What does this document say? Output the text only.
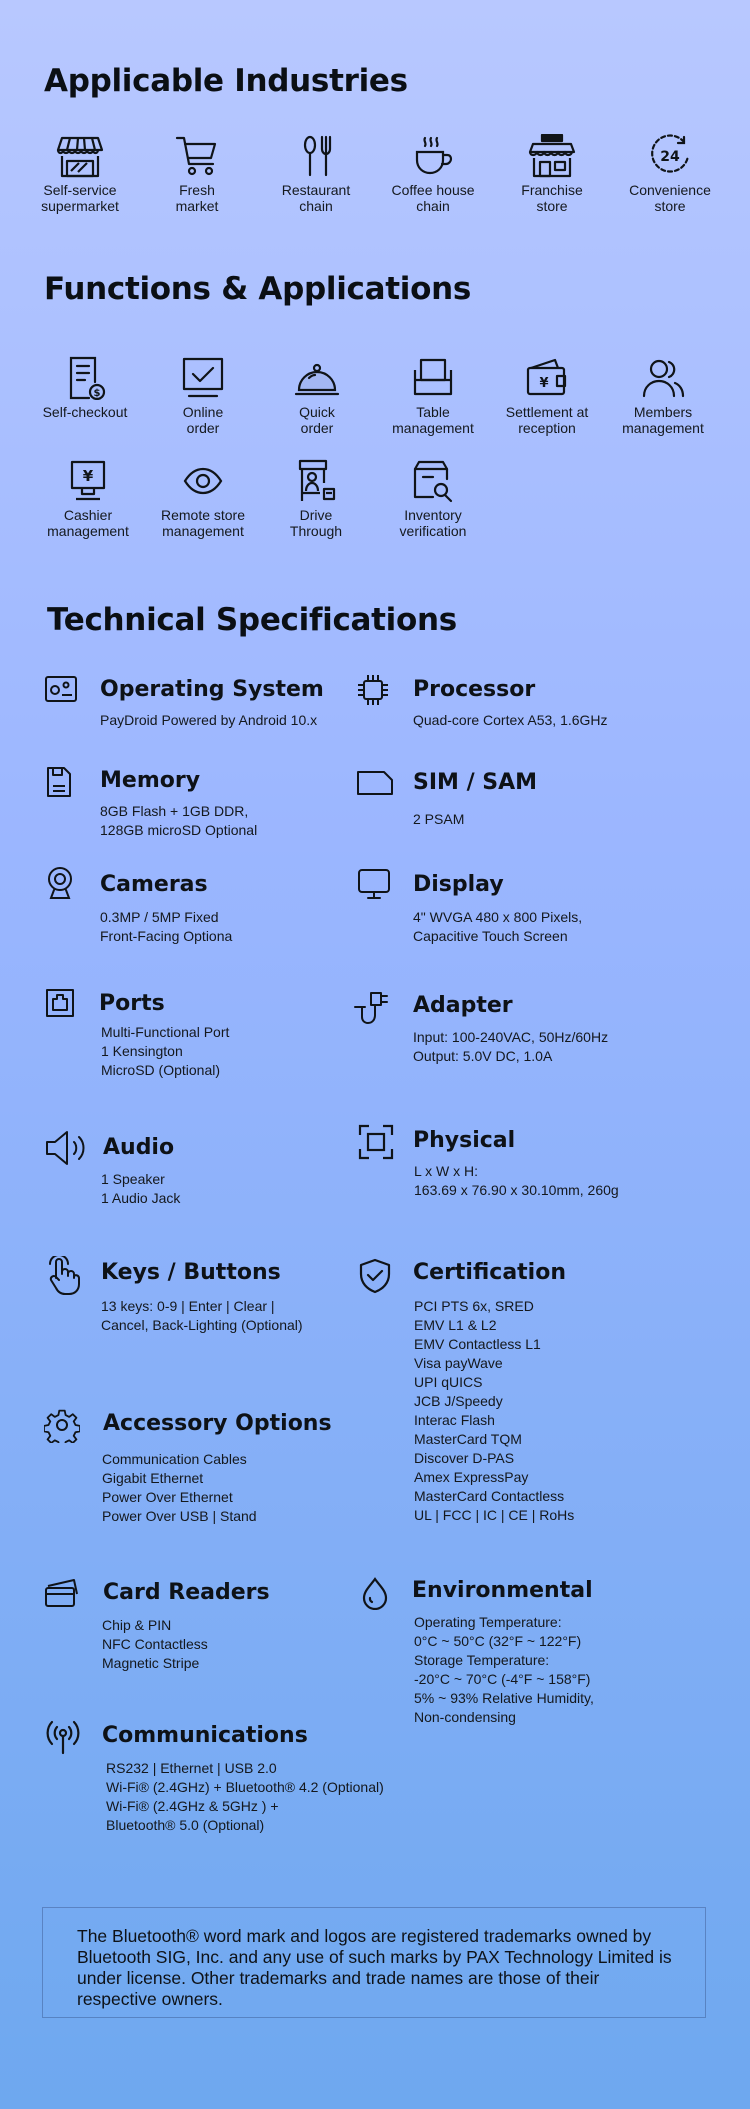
Applicable Industries
Self-service
supermarket
Fresh
market
Restaurant
chain
Coffee house
chain
Franchise
store
24
Convenience
store
Functions & Applications
$
Self-checkout	Online
order
Quick
order
Table
management
¥
Settlement at
reception
Members
management
¥
Cashier
management
Remote store
management
Drive
Through
Inventory
verification
Technical Specifications
Operating System
PayDroid Powered by Android 10.x
Processor
Quad-core Cortex A53, 1.6GHz
Memory
8GB Flash + 1GB DDR,
128GB microSD Optional
SIM / SAM
2 PSAM
Cameras
0.3MP / 5MP Fixed
Front-Facing Optiona
Display
4" WVGA 480 x 800 Pixels,
Capacitive Touch Screen
Ports
Multi-Functional Port
1 Kensington
MicroSD (Optional)
Adapter
Input: 100-240VAC, 50Hz/60Hz
Output: 5.0V DC, 1.0A
Audio
1 Speaker
1 Audio Jack
Physical
L x W x H:
163.69 x 76.90 x 30.10mm, 260g
Keys / Buttons
13 keys: 0-9 | Enter | Clear |
Cancel, Back-Lighting (Optional)
Certification
PCI PTS 6x, SRED
EMV L1 & L2
EMV Contactless L1
Visa payWave
UPI qUICS
JCB J/Speedy
Interac Flash
MasterCard TQM
Discover D-PAS
Amex ExpressPay
MasterCard Contactless
UL | FCC | IC | CE | RoHs
Accessory Options
Communication Cables
Gigabit Ethernet
Power Over Ethernet
Power Over USB | Stand
Card Readers
Chip & PIN
NFC Contactless
Magnetic Stripe
Environmental
Operating Temperature:
0°C ~ 50°C (32°F ~ 122°F)
Storage Temperature:
-20°C ~ 70°C (-4°F ~ 158°F)
5% ~ 93% Relative Humidity,
Non-condensing
Communications
RS232 | Ethernet | USB 2.0
Wi-Fi® (2.4GHz) + Bluetooth® 4.2 (Optional)
Wi-Fi® (2.4GHz & 5GHz ) +
Bluetooth® 5.0 (Optional)

The Bluetooth® word mark and logos are registered trademarks owned by Bluetooth SIG, Inc. and any use of such marks by PAX Technology Limited is under license. Other trademarks and trade names are those of their respective owners.
